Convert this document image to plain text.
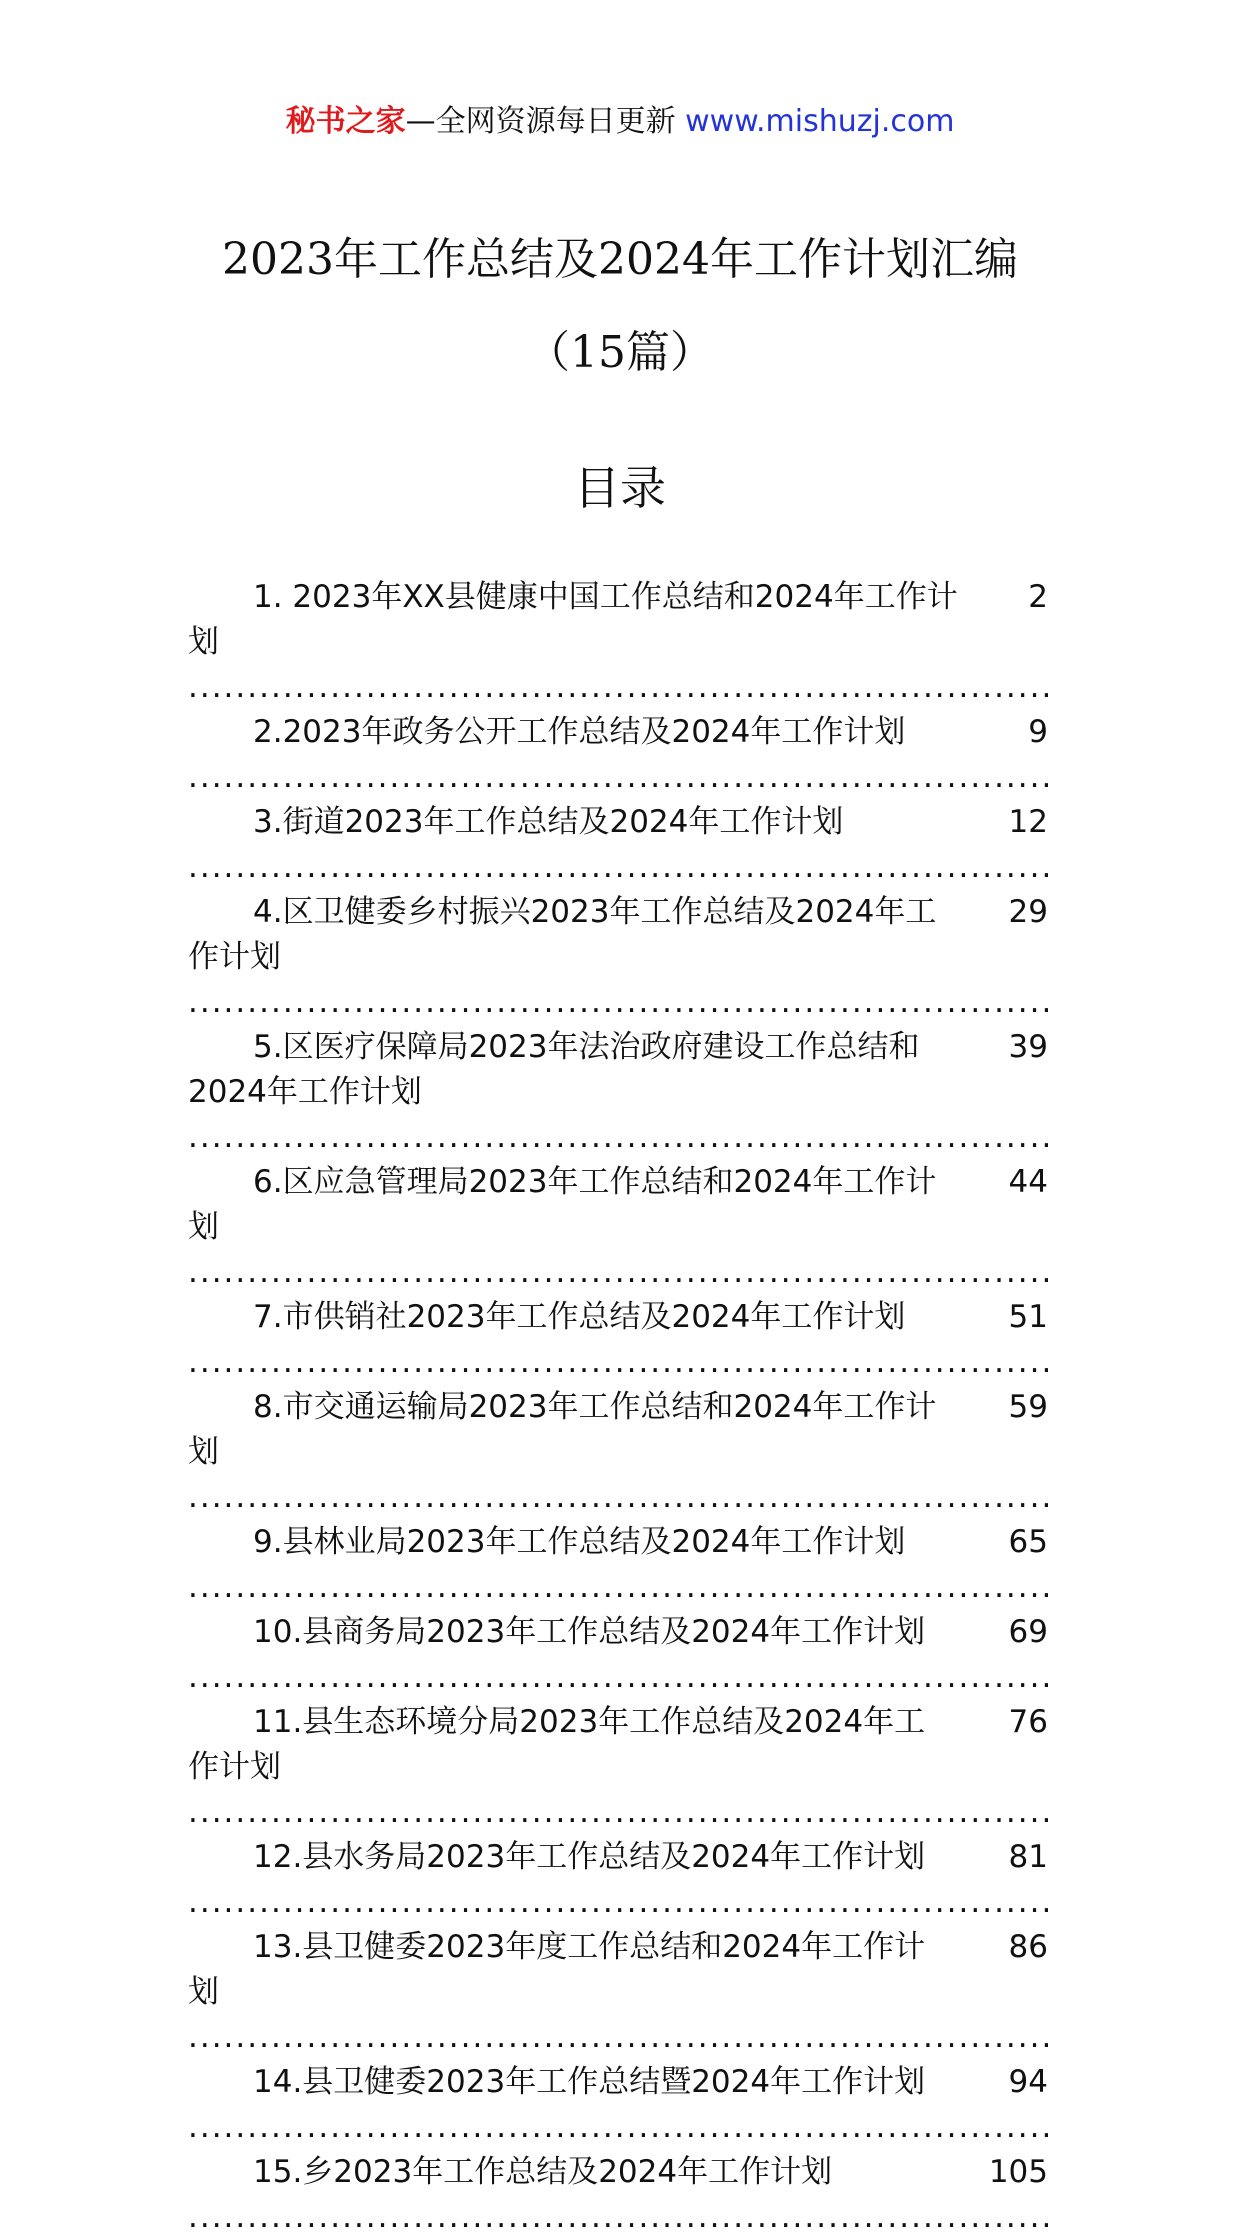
秘书之家—全网资源每日更新 www.mishuzj.com
2023年工作总结及2024年工作计划汇编
（15篇）
目录
2
1. 2023年XX县健康中国工作总结和2024年工作计划
.....
9
2.2023年政务公开工作总结及2024年工作计划
.....
12
3.街道2023年工作总结及2024年工作计划
.....
29
4.区卫健委乡村振兴2023年工作总结及2024年工作计划
.....
39
5.区医疗保障局2023年法治政府建设工作总结和2024年工作计划
.....
44
6.区应急管理局2023年工作总结和2024年工作计划
.....
51
7.市供销社2023年工作总结及2024年工作计划
.....
59
8.市交通运输局2023年工作总结和2024年工作计划
.....
65
9.县林业局2023年工作总结及2024年工作计划
.....
69
10.县商务局2023年工作总结及2024年工作计划
.....
76
11.县生态环境分局2023年工作总结及2024年工作计划
.....
81
12.县水务局2023年工作总结及2024年工作计划
.....
86
13.县卫健委2023年度工作总结和2024年工作计划
.....
94
14.县卫健委2023年工作总结暨2024年工作计划
.....
105
15.乡2023年工作总结及2024年工作计划
.....
